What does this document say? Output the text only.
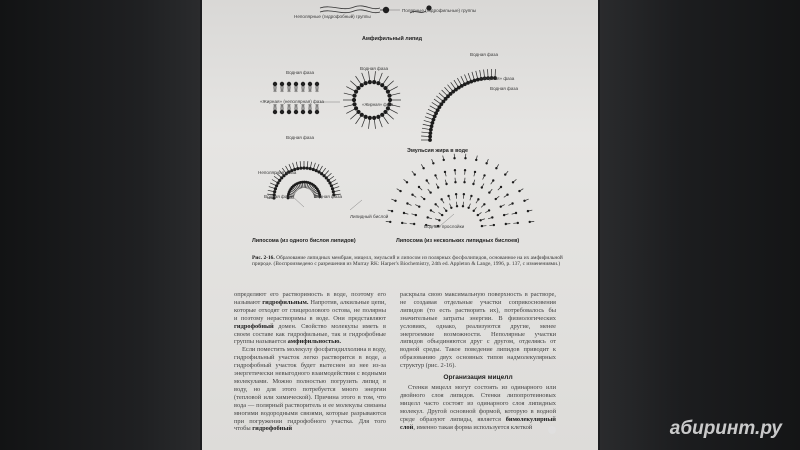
Неполярные (гидрофобные) группы
Полярные (гидрофильные) группы
Амфифильный липид
Водная фаза
«Жирная» (неполярная) фаза
Водная фаза
Водная фаза
«Жирная» фаза
Водная фаза
«Жирная» фаза
Водная фаза
Эмульсия жира в воде
Неполярная фаза
Водная фаза	Водная фаза
Липидный бислой
Водные прослойки
Липосома (из одного бислоя липидов)	Липосома (из нескольких липидных бислоев)
Рис. 2-16. Образование липидных мембран, мицелл, эмульсий и липосом из полярных фосфолипидов, основанное на их амфифильной природе. (Воспроизведено с разрешения из Murray RK: Harper's Biochemistry, 24th ed. Appleton & Lange, 1996, р. 137, с изменениями.)

определяют его растворимость в воде, поэтому его называют гидрофильным. Напротив, алкильные цепи, которые отходят от глицеролового остова, не полярны и поэтому нерастворимы в воде. Они представляют гидрофобный домен. Свойство молекулы иметь в своем составе как гидрофильные, так и гидрофобные группы называется амфифильностью.

Если поместить молекулу фосфатидилхолина в воду, гидрофильный участок легко растворится в воде, а гидрофобный участок будет вытеснен из нее из-за энергетически невыгодного взаимодействия с водными молекулами. Можно полностью погрузить липид в воду, но для этого потребуется много энергии (тепловой или химической). Причина этого в том, что вода — полярный растворитель и ее молекулы связаны многими водородными связями, которые разрываются при погружении гидрофобного участка. Для того чтобы гидрофобный

раскрыла свою максимальную поверхность в растворе, не создавая отдельные участки соприкосновения липидов (то есть растворить их), потребовалось бы значительные затраты энергии. В физиологических условиях, однако, реализуются другие, менее энергоемкие возможности. Неполярные участки липидов объединяются друг с другом, отделяясь от водной среды. Такое поведение липидов приводит к образованию двух основных типов надмолекулярных структур (рис. 2-16).

Организация мицелл

Стенки мицелл могут состоять из одинарного или двойного слоя липидов. Стенки липопротеиновых мицелл часто состоят из одинарного слоя липидных молекул. Другой основной формой, которую в водной среде образуют липиды, является бимолекулярный слой, именно такая форма используется клеткой	абиринт.ру
